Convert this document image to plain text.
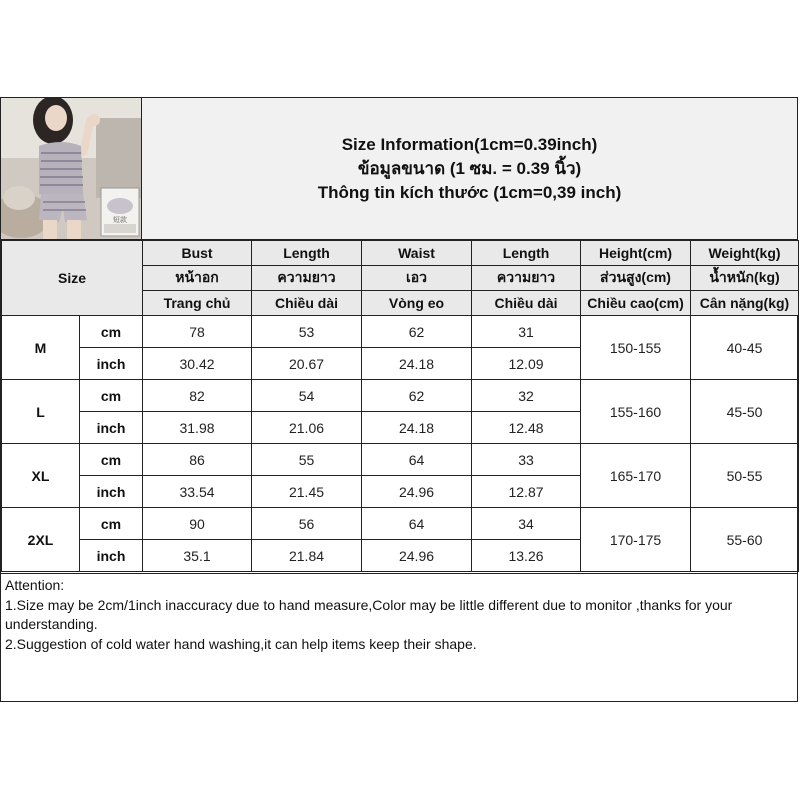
短款
Size Information(1cm=0.39inch)
ข้อมูลขนาด (1 ซม. = 0.39 นิ้ว)
Thông tin kích thước (1cm=0,39 inch)
Size		Bust	Length	Waist	Length	Height(cm)	Weight(kg)
		หน้าอก	ความยาว	เอว	ความยาว	ส่วนสูง(cm)	น้ำหนัก(kg)
		Trang chủ	Chiều dài	Vòng eo	Chiều dài	Chiều cao(cm)	Cân nặng(kg)
M	cm	78	53	62	31	150-155	40-45
	inch	30.42	20.67	24.18	12.09		
L	cm	82	54	62	32	155-160	45-50
	inch	31.98	21.06	24.18	12.48		
XL	cm	86	55	64	33	165-170	50-55
	inch	33.54	21.45	24.96	12.87		
2XL	cm	90	56	64	34	170-175	55-60
	inch	35.1	21.84	24.96	13.26		

Attention:

1.Size may be 2cm/1inch inaccuracy due to hand measure,Color may be little different due to monitor ,thanks for your understanding.

2.Suggestion of cold water hand washing,it can help items keep their shape.
